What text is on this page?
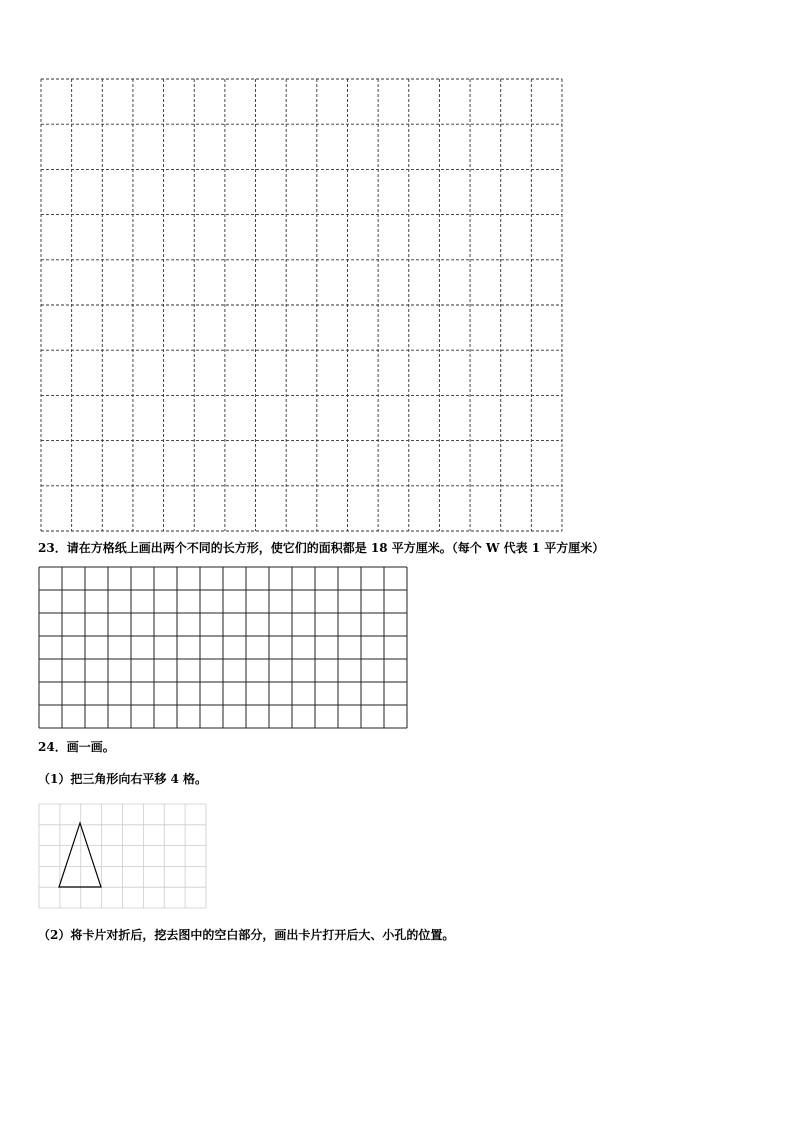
23．请在方格纸上画出两个不同的长方形，使它们的面积都是 18 平方厘米。（每个 W 代表 1 平方厘米）
24．画一画。
（1）把三角形向右平移 4 格。
（2）将卡片对折后，挖去图中的空白部分，画出卡片打开后大、小孔的位置。
